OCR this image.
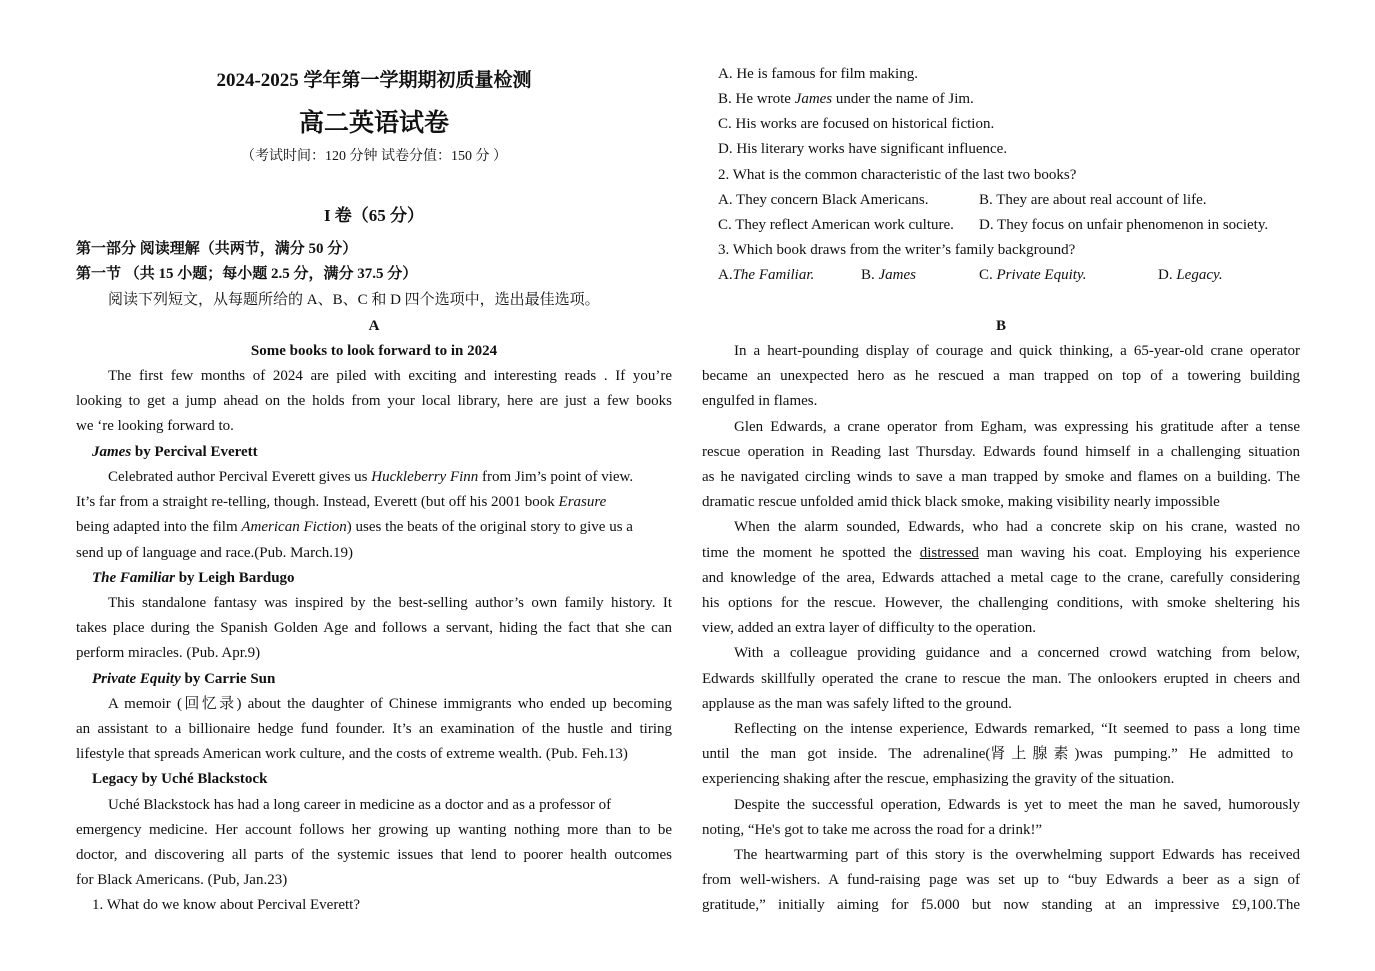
2024-2025 学年第一学期期初质量检测
高二英语试卷
（考试时间：120 分钟 试卷分值：150 分 ）
I 卷（65 分）
第一部分 阅读理解（共两节，满分 50 分）
第一节 （共 15 小题；每小题 2.5 分，满分 37.5 分）
阅读下列短文，从每题所给的 A、B、C 和 D 四个选项中，选出最佳选项。
A
Some books to look forward to in 2024
The first few months of 2024 are piled with exciting and interesting reads . If you’re
looking to get a jump ahead on the holds from your local library, here are just a few books
we ‘re looking forward to.
James by Percival Everett
Celebrated author Percival Everett gives us Huckleberry Finn from Jim’s point of view.
It’s far from a straight re-telling, though. Instead, Everett (but off his 2001 book Erasure
being adapted into the film American Fiction) uses the beats of the original story to give us a
send up of language and race.(Pub. March.19)
The Familiar by Leigh Bardugo
This standalone fantasy was inspired by the best-selling author’s own family history. It
takes place during the Spanish Golden Age and follows a servant, hiding the fact that she can
perform miracles. (Pub. Apr.9)
Private Equity by Carrie Sun
A memoir (回忆录) about the daughter of Chinese immigrants who ended up becoming
an assistant to a billionaire hedge fund founder. It’s an examination of the hustle and tiring
lifestyle that spreads American work culture, and the costs of extreme wealth. (Pub. Feh.13)
Legacy by Uché Blackstock
Uché Blackstock has had a long career in medicine as a doctor and as a professor of
emergency medicine. Her account follows her growing up wanting nothing more than to be
doctor, and discovering all parts of the systemic issues that lend to poorer health outcomes
for Black Americans. (Pub, Jan.23)
1. What do we know about Percival Everett?
A. He is famous for film making.
B. He wrote James under the name of Jim.
C. His works are focused on historical fiction.
D. His literary works have significant influence.
2. What is the common characteristic of the last two books?
A. They concern Black Americans.	B. They are about real account of life.
C. They reflect American work culture. D. They focus on unfair phenomenon in society.
3. Which book draws from the writer’s family background?
A.The Familiar.	B. James	C. Private Equity.	D. Legacy.
B
In a heart-pounding display of courage and quick thinking, a 65-year-old crane operator
became an unexpected hero as he rescued a man trapped on top of a towering building
engulfed in flames.
Glen Edwards, a crane operator from Egham, was expressing his gratitude after a tense
rescue operation in Reading last Thursday. Edwards found himself in a challenging situation
as he navigated circling winds to save a man trapped by smoke and flames on a building. The
dramatic rescue unfolded amid thick black smoke, making visibility nearly impossible
When the alarm sounded, Edwards, who had a concrete skip on his crane, wasted no
time the moment he spotted the distressed man waving his coat. Employing his experience
and knowledge of the area, Edwards attached a metal cage to the crane, carefully considering
his options for the rescue. However, the challenging conditions, with smoke sheltering his
view, added an extra layer of difficulty to the operation.
With a colleague providing guidance and a concerned crowd watching from below,
Edwards skillfully operated the crane to rescue the man. The onlookers erupted in cheers and
applause as the man was safely lifted to the ground.
Reflecting on the intense experience, Edwards remarked, “It seemed to pass a long time
until   the   man   got   inside.   The   adrenaline(肾上腺素)was   pumping.”   He   admitted   to
experiencing shaking after the rescue, emphasizing the gravity of the situation.
Despite the successful operation, Edwards is yet to meet the man he saved, humorously
noting, “He's got to take me across the road for a drink!”
The heartwarming part of this story is the overwhelming support Edwards has received
from well-wishers. A fund-raising page was set up to “buy Edwards a beer as a sign of
gratitude,” initially aiming for f5.000 but now standing at an impressive £9,100.The
